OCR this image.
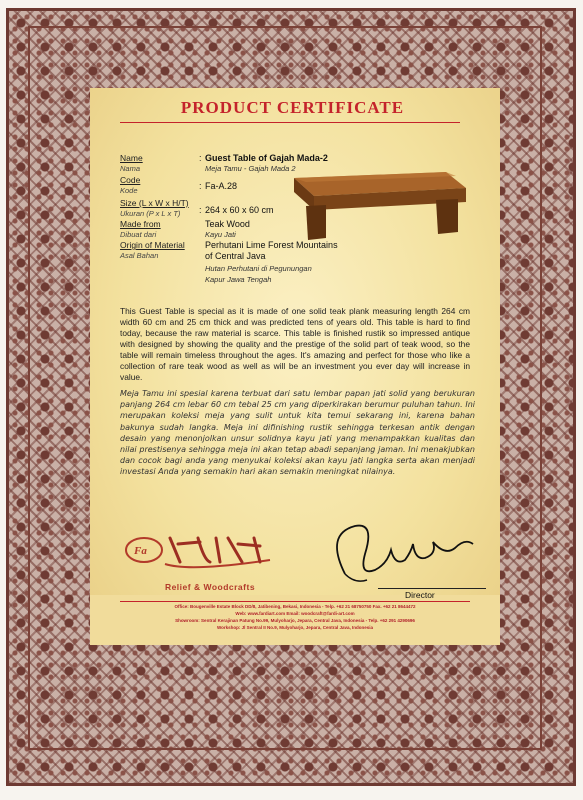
PRODUCT CERTIFICATE
Name
Nama
: Guest Table of Gajah Mada-2
Meja Tamu - Gajah Mada 2
Code
Kode	: Fa-A.28
Size (L x W x H/T)
Ukuran (P x L x T) : 264 x 60 x 60 cm
Made from
Dibuat dari
Teak Wood
Kayu Jati
Origin of Material
Asal Bahan
Perhutani Lime Forest Mountains
of Central Java
Hutan Perhutani di Pegunungan
Kapur Jawa Tengah
This Guest Table is special as it is made of one solid teak plank measuring length 264 cm width 60 cm and 25 cm thick and was predicted tens of years old. This table is hard to find today, because the raw material is scarce. This table is finished rustik so impressed antique with designed by showing the quality and the prestige of the solid part of teak wood, so the table will remain timeless throughout the ages. It's amazing and perfect for those who like a collection of rare teak wood as well as will be an investment you ever day will increase in value.
Meja Tamu ini spesial karena terbuat dari satu lembar papan jati solid yang berukuran panjang 264 cm lebar 60 cm tebal 25 cm yang diperkirakan berumur puluhan tahun. Ini merupakan koleksi meja yang sulit untuk kita temui sekarang ini, karena bahan bakunya sudah langka. Meja ini difinishing rustik sehingga terkesan antik dengan desain yang menonjolkan unsur solidnya kayu jati yang menampakkan kualitas dan nilai prestisenya sehingga meja ini akan tetap abadi sepanjang jaman. Ini menakjubkan dan cocok bagi anda yang menyukai koleksi akan kayu jati langka serta akan menjadi investasi Anda yang semakin hari akan semakin meningkat nilainya.
Fa
Relief & Woodcrafts
Director
Office: Bougenville Estate Block DD/8, Jatibening, Bekasi, Indonesia - Telp. +62 21 68750750 Fax. +62 21 8644472
Web: www.fardiart.com Email: woodcraft@fardi-art.com
Showroom: Sentral Kerajinan Patung No.99, Mulyoharjo, Jepara, Central Java, Indonesia - Telp. +62 291 4290696
Workshop: Jl Sentral II No.9, Mulyoharjo, Jepara, Central Java, Indonesia
